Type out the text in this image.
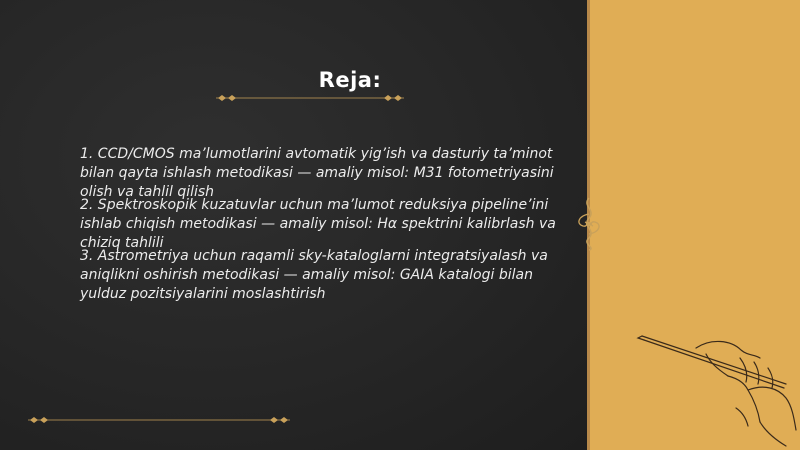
Reja:

1. CCD/CMOS ma’lumotlarini avtomatik yig’ish va dasturiy ta’minot bilan qayta ishlash metodikasi — amaliy misol: M31 fotometriyasini olish va tahlil qilish

2. Spektroskopik kuzatuvlar uchun ma’lumot reduksiya pipeline’ini ishlab chiqish metodikasi — amaliy misol: Hα spektrini kalibrlash va chiziq tahlili

3. Astrometriya uchun raqamli sky-kataloglarni integratsiyalash va aniqlikni oshirish metodikasi — amaliy misol: GAIA katalogi bilan yulduz pozitsiyalarini moslashtirish
